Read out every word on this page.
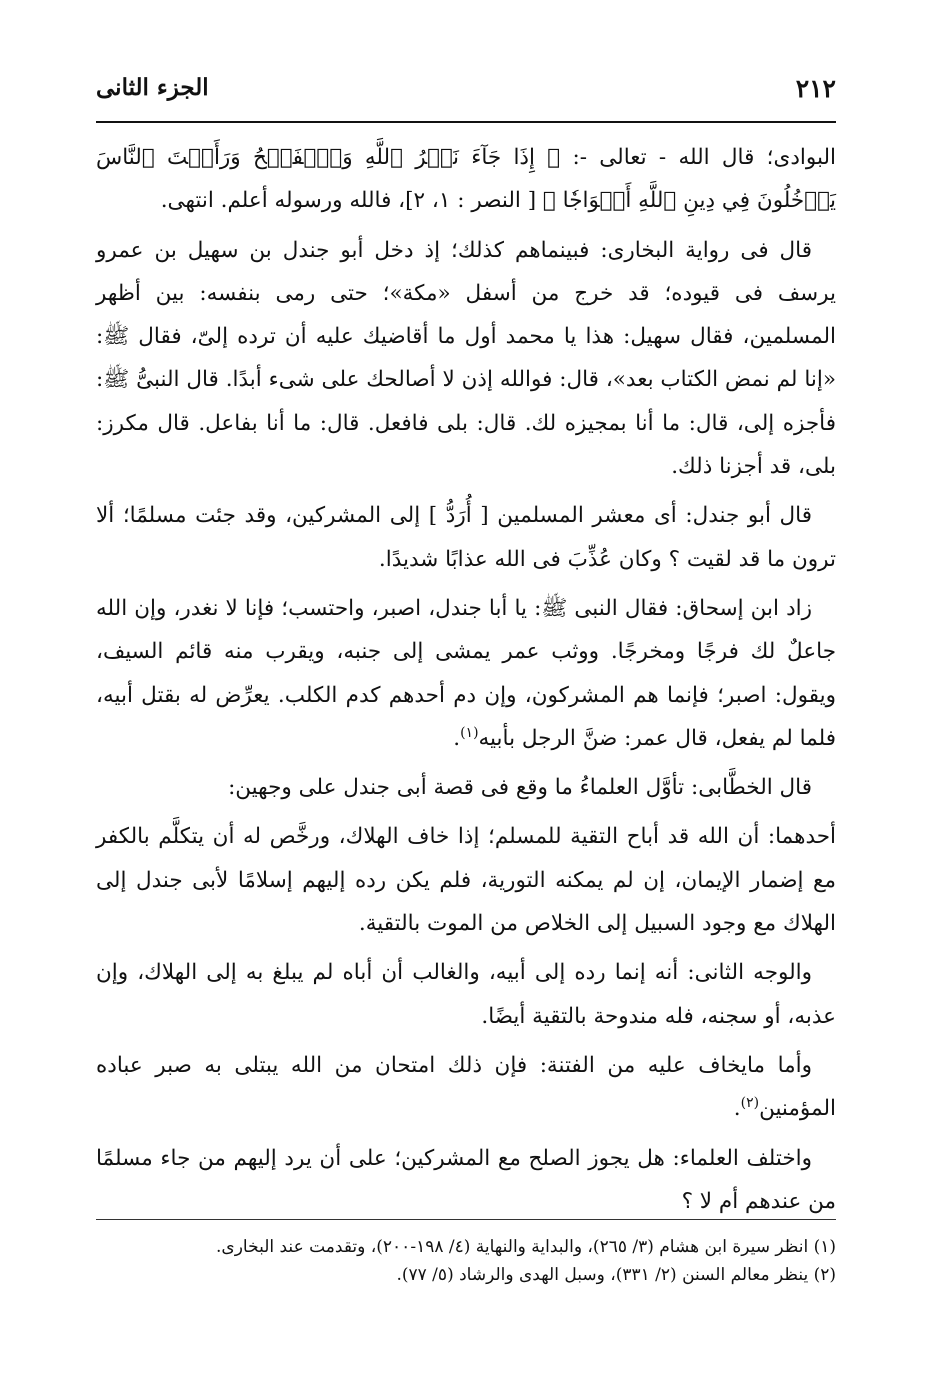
٢١٢
الجزء الثانى

البوادى؛ قال الله - تعالى -: ﴿ إِذَا جَآءَ نَصۡرُ ٱللَّهِ وَٱلۡفَتۡحُ وَرَأَيۡتَ ٱلنَّاسَ يَدۡخُلُونَ فِي دِينِ ٱللَّهِ أَفۡوَاجٗا ﴾ [ النصر : ١، ٢]، فالله ورسوله أعلم. انتهى.

قال فى رواية البخارى: فبينماهم كذلك؛ إذ دخل أبو جندل بن سهيل بن عمرو يرسف فى قيوده؛ قد خرج من أسفل «مكة»؛ حتى رمى بنفسه: بين أظهر المسلمين، فقال سهيل: هذا يا محمد أول ما أقاضيك عليه أن ترده إلىّ، فقال ﷺ: «إنا لم نمض الكتاب بعد»، قال: فوالله إذن لا أصالحك على شىء أبدًا. قال النبىُّ ﷺ: فأجزه إلى، قال: ما أنا بمجيزه لك. قال: بلى فافعل. قال: ما أنا بفاعل. قال مكرز: بلى، قد أجزنا ذلك.

قال أبو جندل: أى معشر المسلمين [ أُرَدُّ ] إلى المشركين، وقد جئت مسلمًا؛ ألا ترون ما قد لقيت ؟ وكان عُذِّبَ فى الله عذابًا شديدًا.

زاد ابن إسحاق: فقال النبى ﷺ: يا أبا جندل، اصبر، واحتسب؛ فإنا لا نغدر، وإن الله جاعلٌ لك فرجًا ومخرجًا. ووثب عمر يمشى إلى جنبه، ويقرب منه قائم السيف، ويقول: اصبر؛ فإنما هم المشركون، وإن دم أحدهم كدم الكلب. يعرِّض له بقتل أبيه، فلما لم يفعل، قال عمر: ضنَّ الرجل بأبيه$^{(١)}$.

قال الخطَّابى: تأوَّل العلماءُ ما وقع فى قصة أبى جندل على وجهين:

أحدهما: أن الله قد أباح التقية للمسلم؛ إذا خاف الهلاك، ورخَّص له أن يتكلَّم بالكفر مع إضمار الإيمان، إن لم يمكنه التورية، فلم يكن رده إليهم إسلامًا لأبى جندل إلى الهلاك مع وجود السبيل إلى الخلاص من الموت بالتقية.

والوجه الثانى: أنه إنما رده إلى أبيه، والغالب أن أباه لم يبلغ به إلى الهلاك، وإن عذبه، أو سجنه، فله مندوحة بالتقية أيضًا.

وأما مايخاف عليه من الفتنة: فإن ذلك امتحان من الله يبتلى به صبر عباده المؤمنين$^{(٢)}$.

واختلف العلماء: هل يجوز الصلح مع المشركين؛ على أن يرد إليهم من جاء مسلمًا من عندهم أم لا ؟

(١) انظر سيرة ابن هشام (٣/ ٢٦٥)، والبداية والنهاية (٤/ ١٩٨-٢٠٠)، وتقدمت عند البخارى.

(٢) ينظر معالم السنن (٢/ ٣٣١)، وسبل الهدى والرشاد (٥/ ٧٧).
